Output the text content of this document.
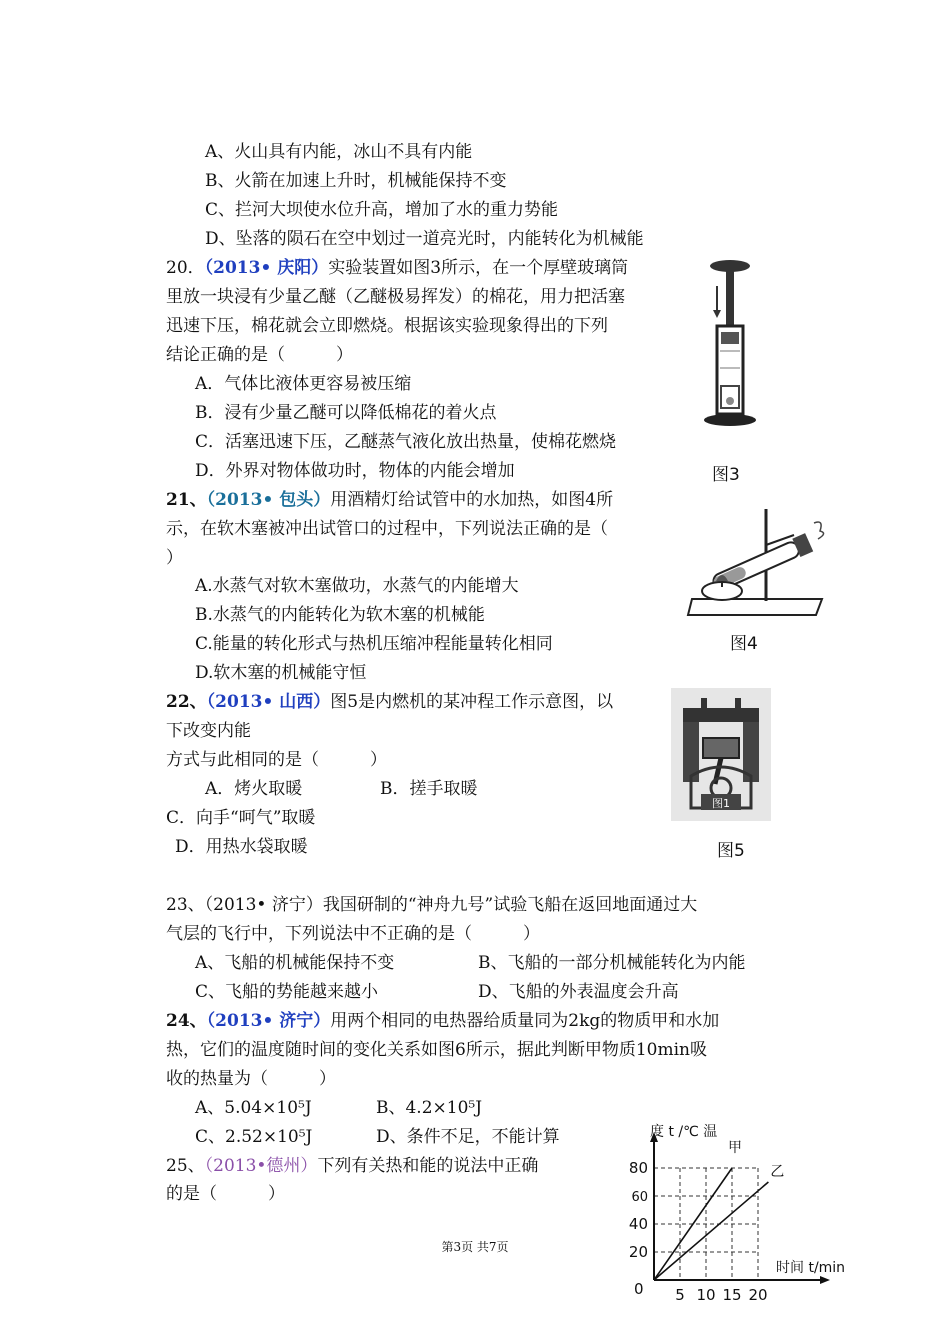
A、火山具有内能，冰山不具有内能
B、火箭在加速上升时，机械能保持不变
C、拦河大坝使水位升高，增加了水的重力势能
D、坠落的陨石在空中划过一道亮光时，内能转化为机械能
20．（2013• 庆阳）实验装置如图3所示，在一个厚壁玻璃筒
里放一块浸有少量乙醚（乙醚极易挥发）的棉花，用力把活塞
迅速下压，棉花就会立即燃烧。根据该实验现象得出的下列
结论正确的是（　　　）
A．气体比液体更容易被压缩
B．浸有少量乙醚可以降低棉花的着火点
C．活塞迅速下压，乙醚蒸气液化放出热量，使棉花燃烧
D．外界对物体做功时，物体的内能会增加	图3
21、（2013• 包头）用酒精灯给试管中的水加热，如图4所
示，在软木塞被冲出试管口的过程中，下列说法正确的是（
）
A.水蒸气对软木塞做功，水蒸气的内能增大
B.水蒸气的内能转化为软木塞的机械能
C.能量的转化形式与热机压缩冲程能量转化相同
D.软木塞的机械能守恒
图4
22、（2013• 山西）图5是内燃机的某冲程工作示意图，以
下改变内能
方式与此相同的是（　　　）
A．烤火取暖	B．搓手取暖
C．向手“呵气”取暖
D．用热水袋取暖
图1
图5
23、（2013• 济宁）我国研制的“神舟九号”试验飞船在返回地面通过大
气层的飞行中，下列说法中不正确的是（　　　）
A、飞船的机械能保持不变	B、飞船的一部分机械能转化为内能
C、飞船的势能越来越小	D、飞船的外表温度会升高
24、（2013• 济宁）用两个相同的电热器给质量同为2kg的物质甲和水加
热，它们的温度随时间的变化关系如图6所示，据此判断甲物质10min吸
收的热量为（　　　）
A、5.04×10⁵J	B、4.2×10⁵J
C、2.52×10⁵J	D、条件不足，不能计算
25、（2013•德州）下列有关热和能的说法中正确
的是（　　　）
甲
乙
5 10 15 20
20
40
60
80
度 t /℃ 温
时间 t/min
0
第3页 共7页
